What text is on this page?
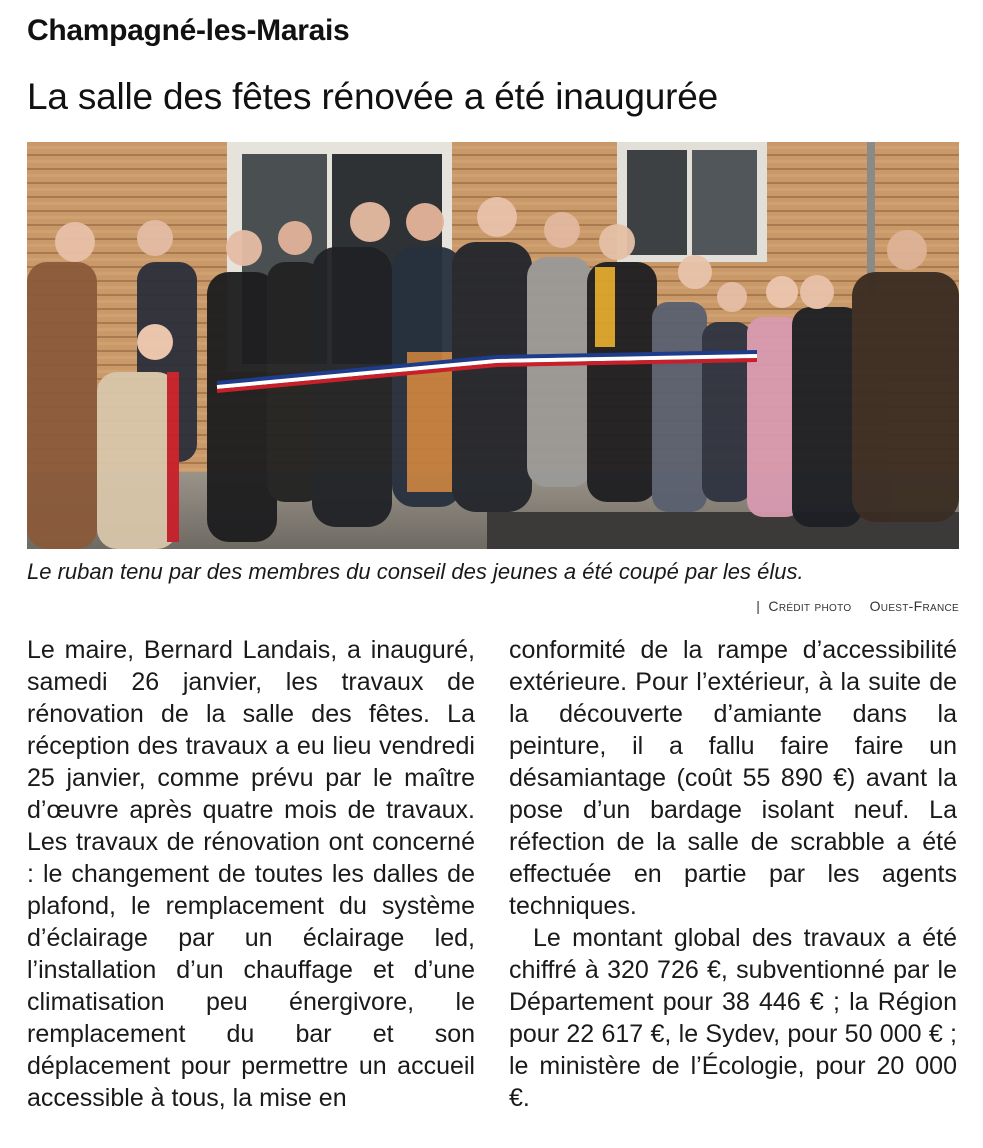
Champagné-les-Marais
La salle des fêtes rénovée a été inaugurée
Le ruban tenu par des membres du conseil des jeunes a été coupé par les élus.
| Crédit photo Ouest-France

Le maire, Bernard Landais, a inauguré, samedi 26 janvier, les travaux de rénovation de la salle des fêtes. La réception des travaux a eu lieu vendredi 25 janvier, comme prévu par le maître d’œuvre après quatre mois de travaux. Les travaux de rénovation ont concerné : le changement de toutes les dalles de plafond, le remplacement du système d’éclairage par un éclairage led, l’installation d’un chauffage et d’une climatisation peu énergivore, le remplacement du bar et son déplacement pour permettre un accueil accessible à tous, la mise en

conformité de la rampe d’accessibilité extérieure. Pour l’extérieur, à la suite de la découverte d’amiante dans la peinture, il a fallu faire faire un désamiantage (coût 55 890 €) avant la pose d’un bardage isolant neuf. La réfection de la salle de scrabble a été effectuée en partie par les agents techniques.

Le montant global des travaux a été chiffré à 320 726 €, subventionné par le Département pour 38 446 € ; la Région pour 22 617 €, le Sydev, pour 50 000 € ; le ministère de l’Écologie, pour 20 000 €.
